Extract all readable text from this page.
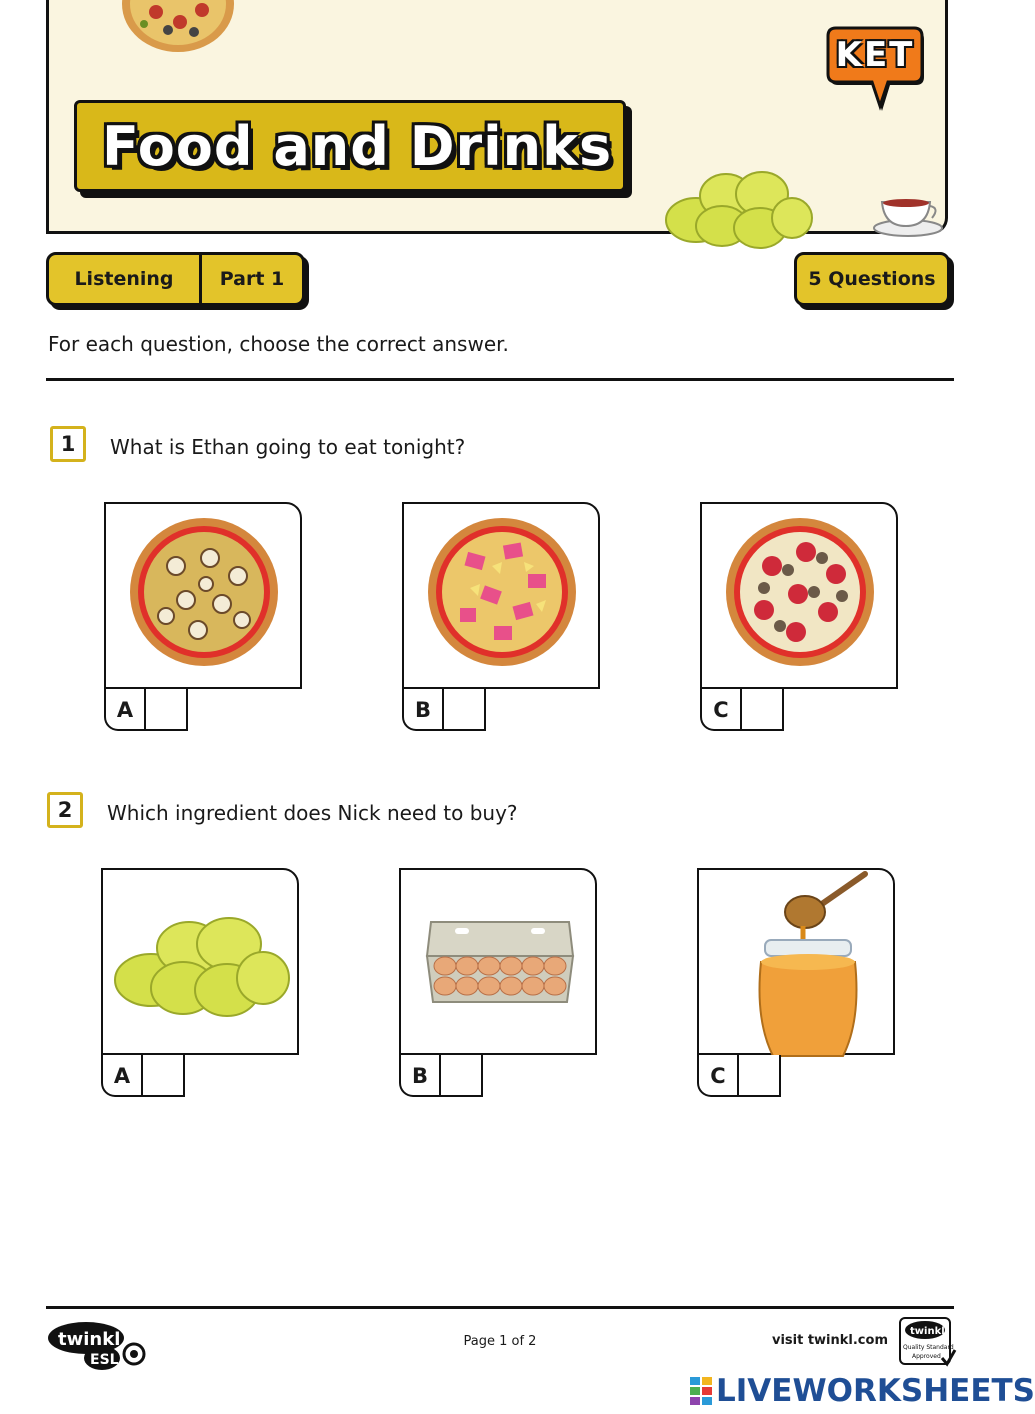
Food and Drinks
KET
Listening	Part 1	5 Questions
For each question, choose the correct answer.
1	What is Ethan going to eat tonight?
A	B	C
2	Which ingredient does Nick need to buy?
A	B	C
twinkl
ESL
Page 1 of 2	visit twinkl.com
twinkl
Quality Standard
Approved
LIVEWORKSHEETS
